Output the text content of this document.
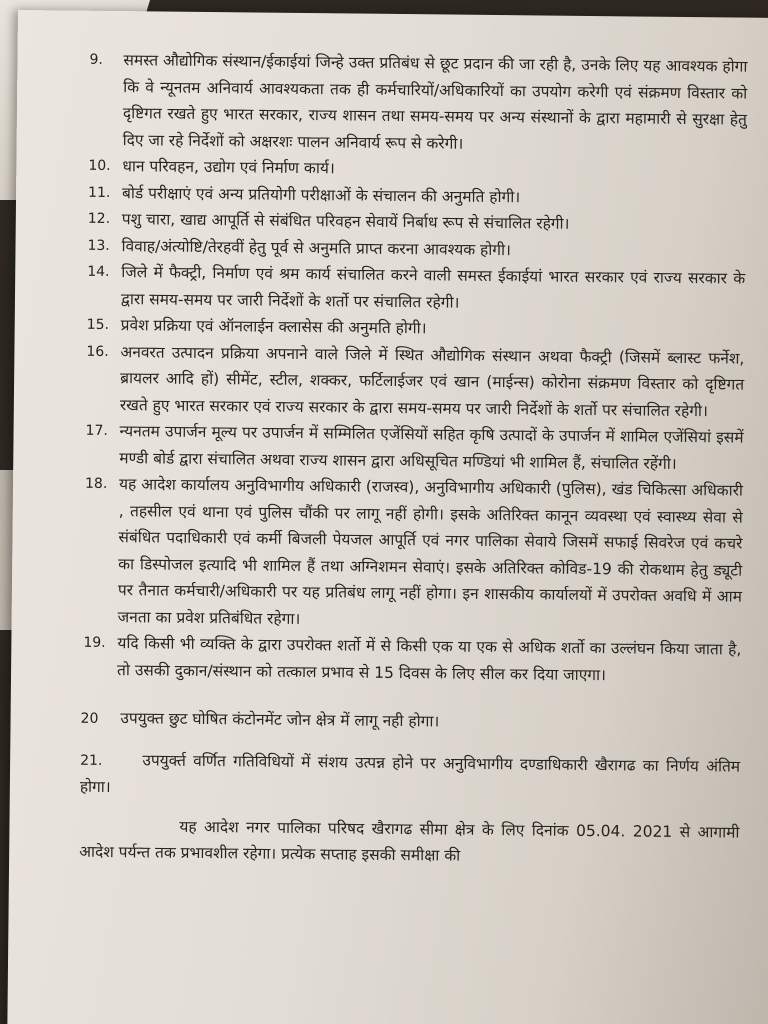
9. समस्त औद्योगिक संस्थान/ईकाईयां जिन्हे उक्त प्रतिबंध से छूट प्रदान की जा रही है, उनके लिए यह आवश्यक होगा कि वे न्यूनतम अनिवार्य आवश्यकता तक ही कर्मचारियों/अधिकारियों का उपयोग करेगी एवं संक्रमण विस्तार को दृष्टिगत रखते हुए भारत सरकार, राज्य शासन तथा समय-समय पर अन्य संस्थानों के द्वारा महामारी से सुरक्षा हेतु दिए जा रहे निर्देशों को अक्षरशः पालन अनिवार्य रूप से करेगी।

10. धान परिवहन, उद्योग एवं निर्माण कार्य।

11. बोर्ड परीक्षाएं एवं अन्य प्रतियोगी परीक्षाओं के संचालन की अनुमति होगी।

12. पशु चारा, खाद्य आपूर्ति से संबंधित परिवहन सेवायें निर्बाध रूप से संचालित रहेगी।

13. विवाह/अंत्योष्टि/तेरहवीं हेतु पूर्व से अनुमति प्राप्त करना आवश्यक होगी।

14. जिले में फैक्ट्री, निर्माण एवं श्रम कार्य संचालित करने वाली समस्त ईकाईयां भारत सरकार एवं राज्य सरकार के द्वारा समय-समय पर जारी निर्देशों के शर्तो पर संचालित रहेगी।

15. प्रवेश प्रक्रिया एवं ऑनलाईन क्लासेस की अनुमति होगी।

16. अनवरत उत्पादन प्रक्रिया अपनाने वाले जिले में स्थित औद्योगिक संस्थान अथवा फैक्ट्री (जिसमें ब्लास्ट फर्नेश, ब्रायलर आदि हों) सीमेंट, स्टील, शक्कर, फर्टिलाईजर एवं खान (माईन्स) कोरोना संक्रमण विस्तार को दृष्टिगत रखते हुए भारत सरकार एवं राज्य सरकार के द्वारा समय-समय पर जारी निर्देशों के शर्तो पर संचालित रहेगी।

17. न्यनतम उपार्जन मूल्य पर उपार्जन में सम्मिलित एजेंसियों सहित कृषि उत्पादों के उपार्जन में शामिल एजेंसियां इसमें मण्डी बोर्ड द्वारा संचालित अथवा राज्य शासन द्वारा अधिसूचित मण्डियां भी शामिल हैं, संचालित रहेंगी।

18. यह आदेश कार्यालय अनुविभागीय अधिकारी (राजस्व), अनुविभागीय अधिकारी (पुलिस), खंड चिकित्सा अधिकारी , तहसील एवं थाना एवं पुलिस चौंकी पर लागू नहीं होगी। इसके अतिरिक्त कानून व्यवस्था एवं स्वास्थ्य सेवा से संबंधित पदाधिकारी एवं कर्मी बिजली पेयजल आपूर्ति एवं नगर पालिका सेवाये जिसमें सफाई सिवरेज एवं कचरे का डिस्पोजल इत्यादि भी शामिल हैं तथा अग्निशमन सेवाएं। इसके अतिरिक्त कोविड-19 की रोकथाम हेतु ड्यूटी पर तैनात कर्मचारी/अधिकारी पर यह प्रतिबंध लागू नहीं होगा। इन शासकीय कार्यालयों में उपरोक्त अवधि में आम जनता का प्रवेश प्रतिबंधित रहेगा।

19. यदि किसी भी व्यक्ति के द्वारा उपरोक्त शर्तो में से किसी एक या एक से अधिक शर्तो का उल्लंघन किया जाता है, तो उसकी दुकान/संस्थान को तत्काल प्रभाव से 15 दिवस के लिए सील कर दिया जाएगा।

20 उपयुक्त छुट घोषित कंटोनमेंट जोन क्षेत्र में लागू नही होगा।

21.	उपयुर्क्त वर्णित गतिविधियों में संशय उत्पन्न होने पर अनुविभागीय दण्डाधिकारी खैरागढ का निर्णय अंतिम होगा।

यह आदेश नगर पालिका परिषद खैरागढ सीमा क्षेत्र के लिए दिनांक 05.04. 2021 से आगामी आदेश पर्यन्त तक प्रभावशील रहेगा। प्रत्येक सप्ताह इसकी समीक्षा की
